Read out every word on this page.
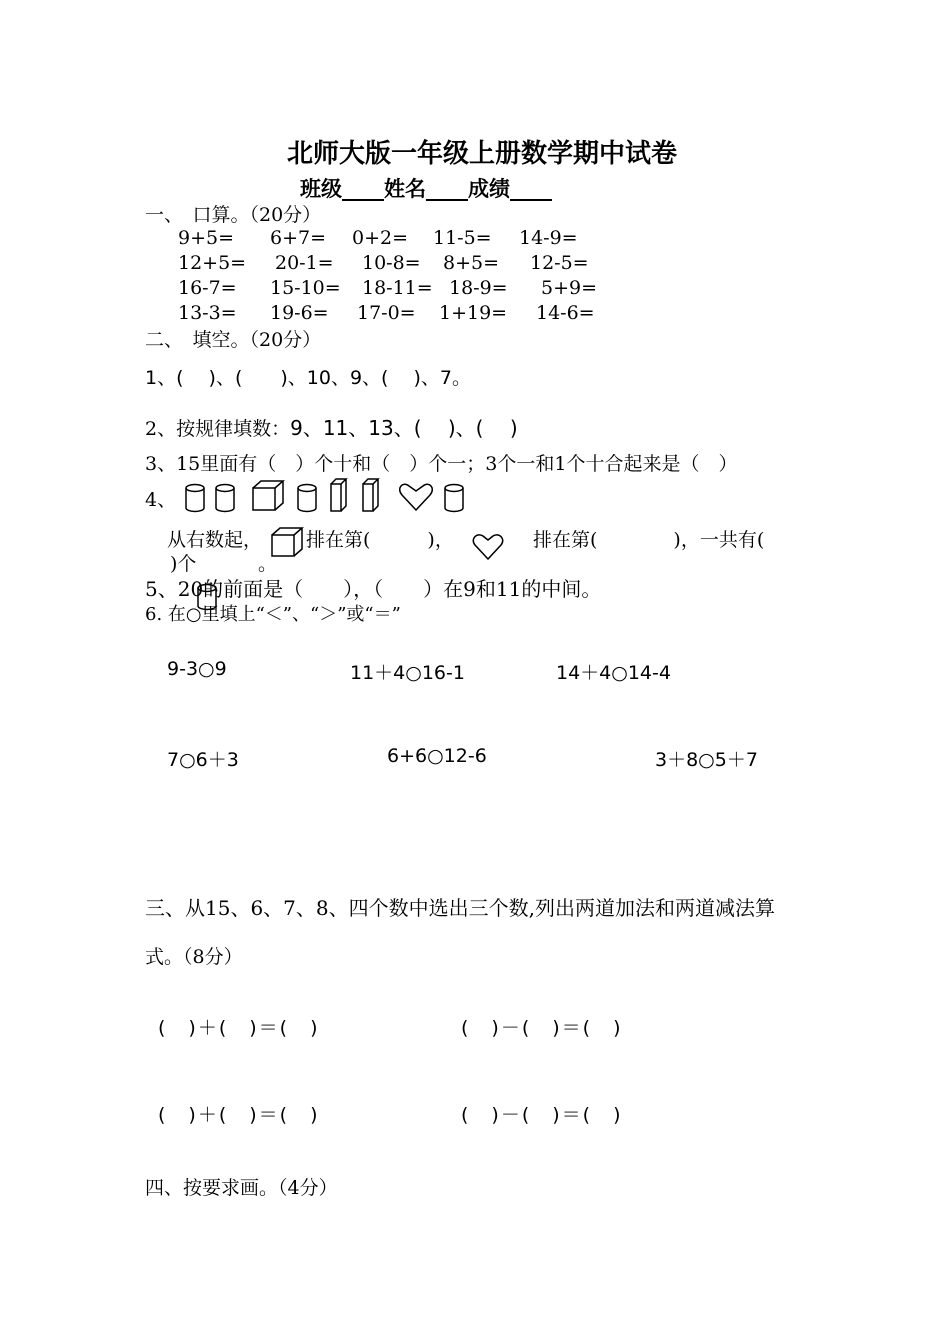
北师大版一年级上册数学期中试卷
班级____姓名____成绩____
一、　口算。（20分）
9+5= 6+7= 0+2= 11-5= 14-9=
12+5= 20-1= 10-8= 8+5= 12-5=
16-7= 15-10= 18-11= 18-9= 5+9=
13-3= 19-6= 17-0= 1+19= 14-6=
二、　填空。（20分）
1、(　 )、(　　)、10、9、(　 )、7。
2、按规律填数：9、11、13、(　 )、(　 )
3、15里面有（　）个十和（　）个一；3个一和1个十合起来是（　）
4、
从右数起， 排在第(　　　)，	排在第(　　　　)，一共有(
)个	。
5、20的前面是（　　），（　　）在9和11的中间。
6. 在○里填上“＜”、“＞”或“＝”
9-3○9	11＋4○16-1	14＋4○14-4
7○6＋3	6+6○12-6	3＋8○5＋7
三、从15、6、7、8、四个数中选出三个数,列出两道加法和两道减法算
式。（8分）
(　)＋(　)＝(　)	(　)－(　)＝(　)
(　)＋(　)＝(　)	(　)－(　)＝(　)
四、按要求画。（4分）
